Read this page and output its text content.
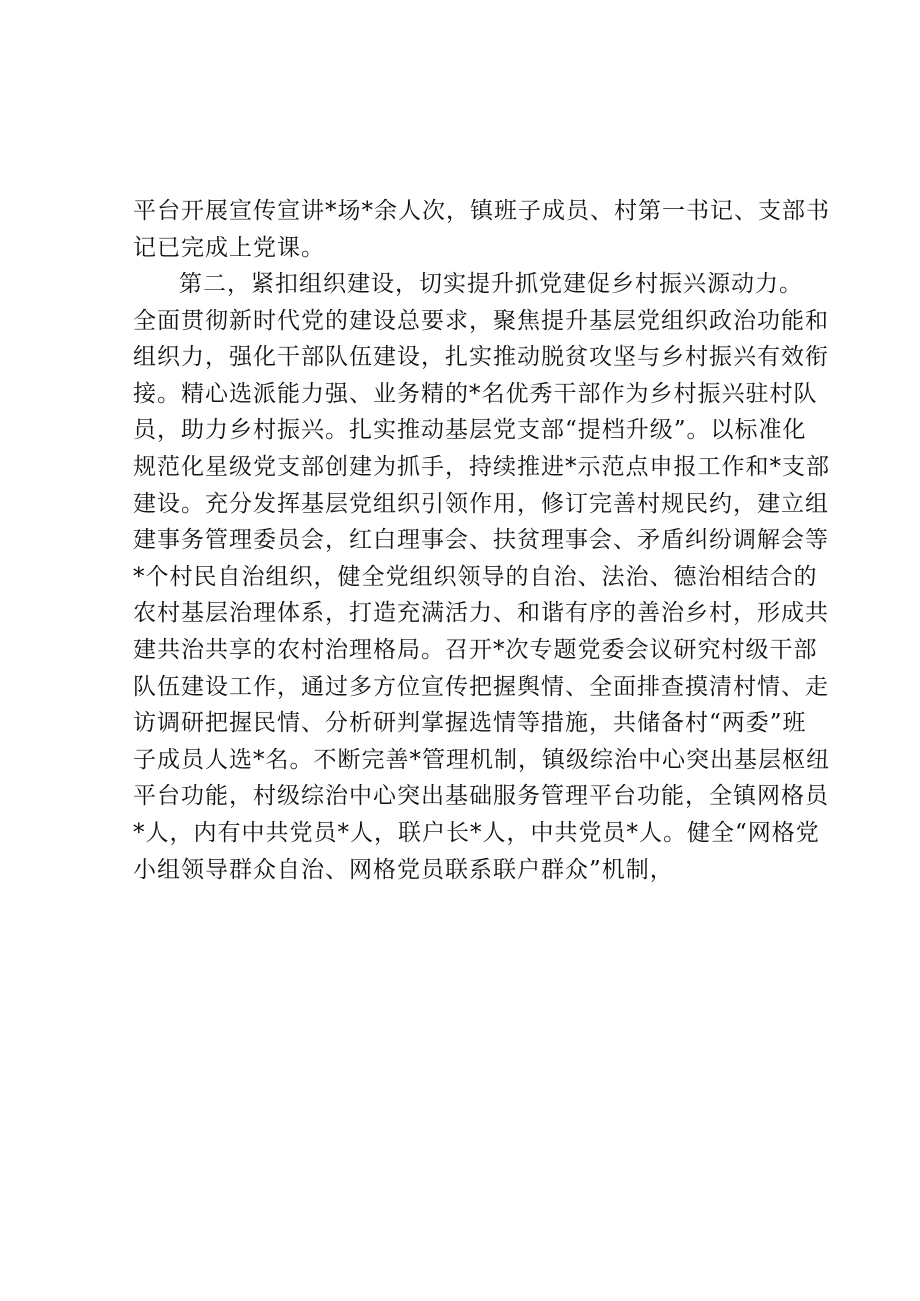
平台开展宣传宣讲*场*余人次，镇班子成员、村第一书记、支部书
记已完成上党课。
第二，紧扣组织建设，切实提升抓党建促乡村振兴源动力。
全面贯彻新时代党的建设总要求，聚焦提升基层党组织政治功能和
组织力，强化干部队伍建设，扎实推动脱贫攻坚与乡村振兴有效衔
接。精心选派能力强、业务精的*名优秀干部作为乡村振兴驻村队
员，助力乡村振兴。扎实推动基层党支部“提档升级”。以标准化
规范化星级党支部创建为抓手，持续推进*示范点申报工作和*支部
建设。充分发挥基层党组织引领作用，修订完善村规民约，建立组
建事务管理委员会，红白理事会、扶贫理事会、矛盾纠纷调解会等
*个村民自治组织，健全党组织领导的自治、法治、德治相结合的
农村基层治理体系，打造充满活力、和谐有序的善治乡村，形成共
建共治共享的农村治理格局。召开*次专题党委会议研究村级干部
队伍建设工作，通过多方位宣传把握舆情、全面排查摸清村情、走
访调研把握民情、分析研判掌握选情等措施，共储备村“两委”班
子成员人选*名。不断完善*管理机制，镇级综治中心突出基层枢纽
平台功能，村级综治中心突出基础服务管理平台功能，全镇网格员
*人，内有中共党员*人，联户长*人，中共党员*人。健全“网格党
小组领导群众自治、网格党员联系联户群众”机制，
